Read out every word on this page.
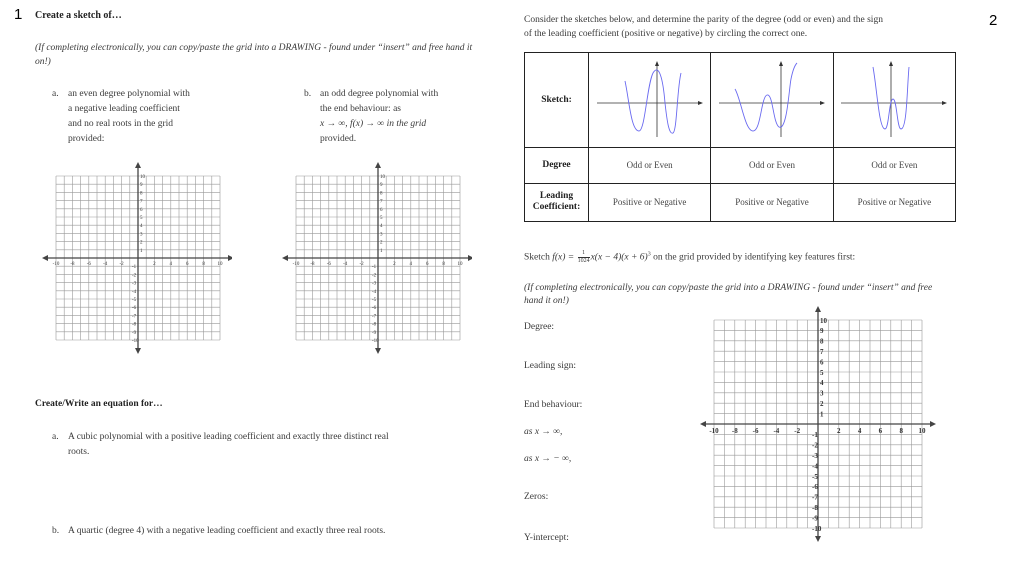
1 Create a sketch of…
(If completing electronically, you can copy/paste the grid into a DRAWING - found under “insert” and free hand it on!)
a. an even degree polynomial with
a negative leading coefficient
and no real roots in the grid
provided:
b. an odd degree polynomial with
the end behaviour: as
x → ∞, f(x) → ∞ in the grid
provided.
-10 -8 -6 -4 -2	2	4	6	8	10
10
9
8
7
6
5
4
3
2
1
-1
-2
-3
-4
-5
-6
-7
-8
-9
-10
-10 -8 -6 -4 -2	2	4	6	8	10
10
9
8
7
6
5
4
3
2
1
-1
-2
-3
-4
-5
-6
-7
-8
-9
-10
Create/Write an equation for…
a. A cubic polynomial with a positive leading coefficient and exactly three distinct real
roots.
b. A quartic (degree 4) with a negative leading coefficient and exactly three real roots.
2
Consider the sketches below, and determine the parity of the degree (odd or even) and the sign
of the leading coefficient (positive or negative) by circling the correct one.
Sketch:			
Degree	Odd or Even	Odd or Even	Odd or Even

Leading
Coefficient:	Positive or Negative	Positive or Negative	Positive or Negative
Sketch $f(x) = \frac{1}{1024} x(x - 4)(x + 6)^3$ on the grid provided by identifying key features first:
(If completing electronically, you can copy/paste the grid into a DRAWING - found under “insert” and free
hand it on!)
Degree:
Leading sign:
End behaviour:
as x → ∞,
as x → − ∞,
Zeros:
Y-intercept:
-10 -8 -6 -4 -2	2 4 6 8 10
10
9
8
7
6
5
4
3
2
1
-1
-2
-3
-4
-5
-6
-7
-8
-9
-10
